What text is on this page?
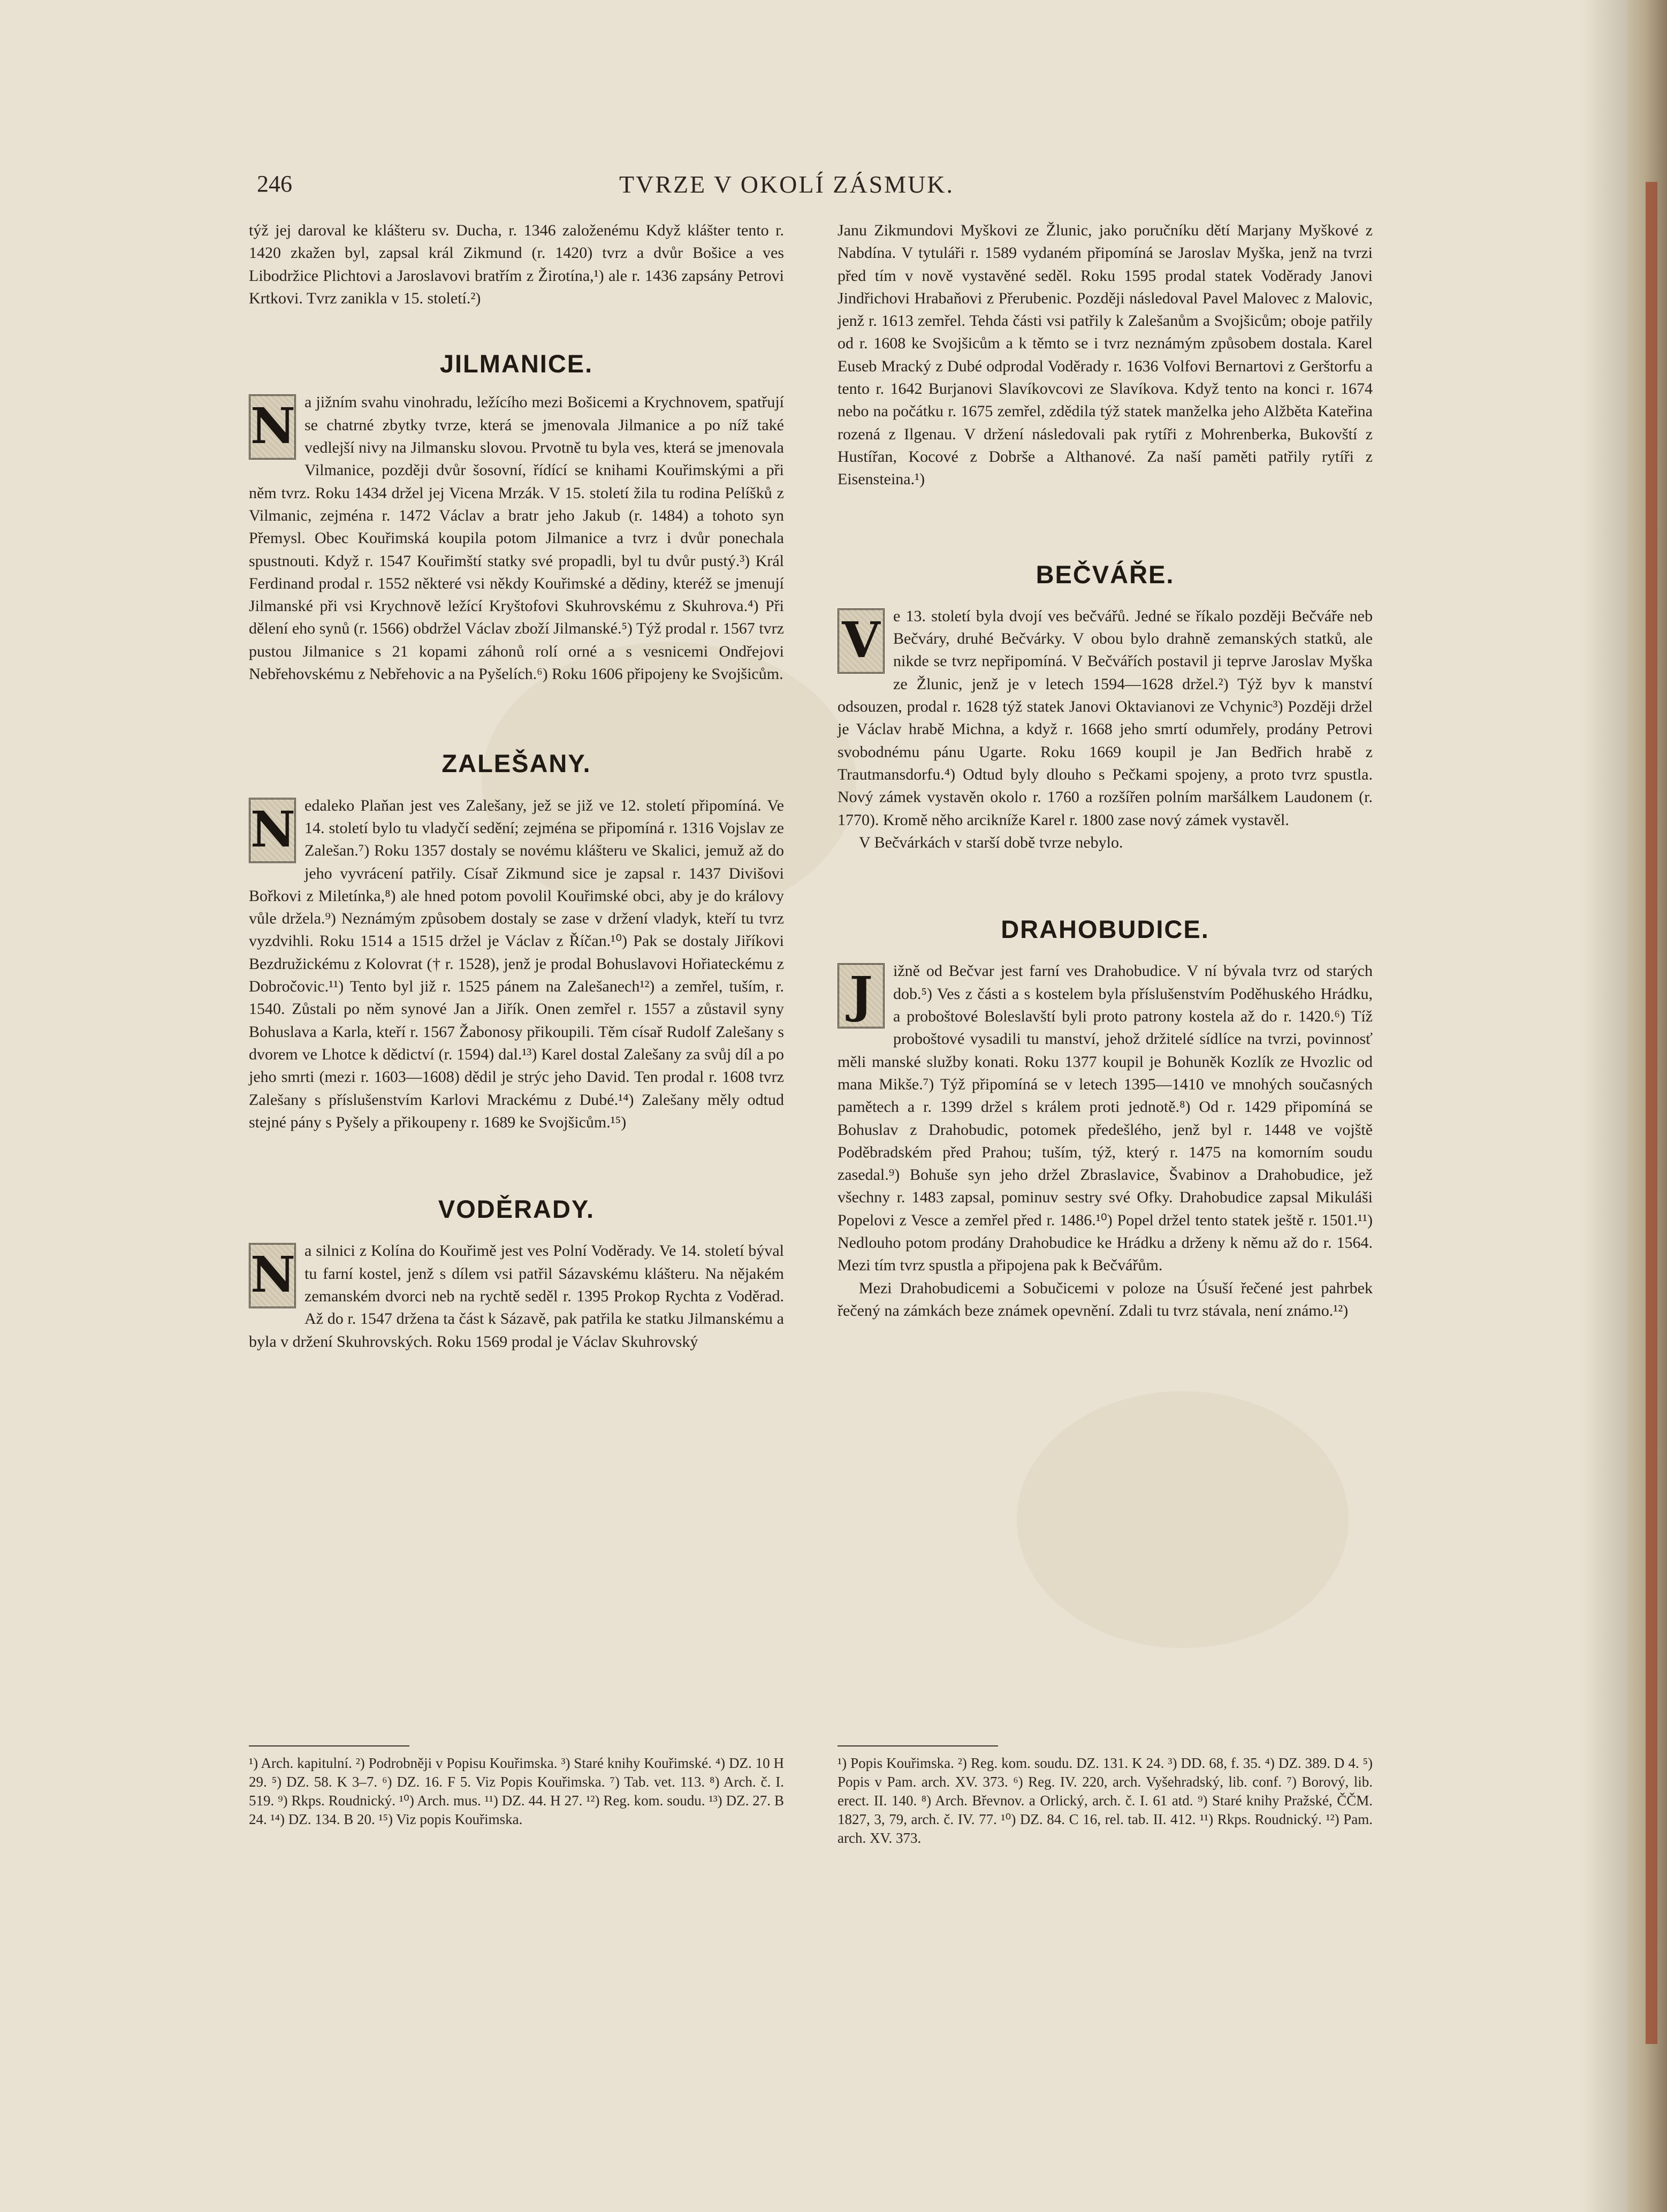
246	TVRZE V OKOLÍ ZÁSMUK.

týž jej daroval ke klášteru sv. Ducha, r. 1346 založenému Když klášter tento r. 1420 zkažen byl, zapsal král Zikmund (r. 1420) tvrz a dvůr Bošice a ves Libodržice Plichtovi a Jaroslavovi bratřím z Žirotína,¹) ale r. 1436 zapsány Petrovi Krtkovi. Tvrz zanikla v 15. století.²)

JILMANICE.
N a jižním svahu vinohradu, ležícího mezi Bošicemi a Krychnovem, spatřují se chatrné zbytky tvrze, která se jmenovala Jilmanice a po níž také vedlejší nivy na Jilmansku slovou. Prvotně tu byla ves, která se jmenovala Vilmanice, později dvůr šosovní, řídící se knihami Kouřimskými a při něm tvrz. Roku 1434 držel jej Vicena Mrzák. V 15. století žila tu rodina Pelíšků z Vilmanic, zejména r. 1472 Václav a bratr jeho Jakub (r. 1484) a tohoto syn Přemysl. Obec Kouřimská koupila potom Jilmanice a tvrz i dvůr ponechala spustnouti. Když r. 1547 Kouřimští statky své propadli, byl tu dvůr pustý.³) Král Ferdinand prodal r. 1552 některé vsi někdy Kouřimské a dědiny, kteréž se jmenují Jilmanské při vsi Krychnově ležící Kryštofovi Skuhrovskému z Skuhrova.⁴) Při dělení eho synů (r. 1566) obdržel Václav zboží Jilmanské.⁵) Týž prodal r. 1567 tvrz pustou Jilmanice s 21 kopami záhonů rolí orné a s vesnicemi Ondřejovi Nebřehovskému z Nebřehovic a na Pyšelích.⁶) Roku 1606 připojeny ke Svojšicům.

ZALEŠANY.
N edaleko Plaňan jest ves Zalešany, jež se již ve 12. století připomíná. Ve 14. století bylo tu vladyčí sedění; zejména se připomíná r. 1316 Vojslav ze Zalešan.⁷) Roku 1357 dostaly se novému klášteru ve Skalici, jemuž až do jeho vyvrácení patřily. Císař Zikmund sice je zapsal r. 1437 Divišovi Bořkovi z Miletínka,⁸) ale hned potom povolil Kouřimské obci, aby je do královy vůle držela.⁹) Neznámým způsobem dostaly se zase v držení vladyk, kteří tu tvrz vyzdvihli. Roku 1514 a 1515 držel je Václav z Říčan.¹⁰) Pak se dostaly Jiříkovi Bezdružickému z Kolovrat († r. 1528), jenž je prodal Bohuslavovi Hořiateckému z Dobročovic.¹¹) Tento byl již r. 1525 pánem na Zalešanech¹²) a zemřel, tuším, r. 1540. Zůstali po něm synové Jan a Jiřík. Onen zemřel r. 1557 a zůstavil syny Bohuslava a Karla, kteří r. 1567 Žabonosy přikoupili. Těm císař Rudolf Zalešany s dvorem ve Lhotce k dědictví (r. 1594) dal.¹³) Karel dostal Zalešany za svůj díl a po jeho smrti (mezi r. 1603—1608) dědil je strýc jeho David. Ten prodal r. 1608 tvrz Zalešany s příslušenstvím Karlovi Mrackému z Dubé.¹⁴) Zalešany měly odtud stejné pány s Pyšely a přikoupeny r. 1689 ke Svojšicům.¹⁵)

VODĚRADY.
N a silnici z Kolína do Kouřimě jest ves Polní Voděrady. Ve 14. století býval tu farní kostel, jenž s dílem vsi patřil Sázavskému klášteru. Na nějakém zemanském dvorci neb na rychtě seděl r. 1395 Prokop Rychta z Voděrad. Až do r. 1547 držena ta část k Sázavě, pak patřila ke statku Jilmanskému a byla v držení Skuhrovských. Roku 1569 prodal je Václav Skuhrovský

Janu Zikmundovi Myškovi ze Žlunic, jako poručníku dětí Marjany Myškové z Nabdína. V tytuláři r. 1589 vydaném připomíná se Jaroslav Myška, jenž na tvrzi před tím v nově vystavěné seděl. Roku 1595 prodal statek Voděrady Janovi Jindřichovi Hrabaňovi z Přerubenic. Později následoval Pavel Malovec z Malovic, jenž r. 1613 zemřel. Tehda části vsi patřily k Zalešanům a Svojšicům; oboje patřily od r. 1608 ke Svojšicům a k těmto se i tvrz neznámým způsobem dostala. Karel Euseb Mracký z Dubé odprodal Voděrady r. 1636 Volfovi Bernartovi z Gerštorfu a tento r. 1642 Burjanovi Slavíkovcovi ze Slavíkova. Když tento na konci r. 1674 nebo na počátku r. 1675 zemřel, zdědila týž statek manželka jeho Alžběta Kateřina rozená z Ilgenau. V držení následovali pak rytíři z Mohrenberka, Bukovští z Hustířan, Kocové z Dobrše a Althanové. Za naší paměti patřily rytíři z Eisensteina.¹)

BEČVÁŘE.
V e 13. století byla dvojí ves bečvářů. Jedné se říkalo později Bečváře neb Bečváry, druhé Bečvárky. V obou bylo drahně zemanských statků, ale nikde se tvrz nepřipomíná. V Bečvářích postavil ji teprve Jaroslav Myška ze Žlunic, jenž je v letech 1594—1628 držel.²) Týž byv k manství odsouzen, prodal r. 1628 týž statek Janovi Oktavianovi ze Vchynic³) Později držel je Václav hrabě Michna, a když r. 1668 jeho smrtí odumřely, prodány Petrovi svobodnému pánu Ugarte. Roku 1669 koupil je Jan Bedřich hrabě z Trautmansdorfu.⁴) Odtud byly dlouho s Pečkami spojeny, a proto tvrz spustla. Nový zámek vystavěn okolo r. 1760 a rozšířen polním maršálkem Laudonem (r. 1770). Kromě něho arcikníže Karel r. 1800 zase nový zámek vystavěl.

V Bečvárkách v starší době tvrze nebylo.

DRAHOBUDICE.
J	ižně od Bečvar jest farní ves Drahobudice. V ní bývala tvrz od starých dob.⁵) Ves z části a s kostelem byla příslušenstvím Poděhuského Hrádku, a proboštové Boleslavští byli proto patrony kostela až do r. 1420.⁶) Tíž proboštové vysadili tu manství, jehož držitelé sídlíce na tvrzi, povinnosť měli manské služby konati. Roku 1377 koupil je Bohuněk Kozlík ze Hvozlic od mana Mikše.⁷) Týž připomíná se v letech 1395—1410 ve mnohých současných pamětech a r. 1399 držel s králem proti jednotě.⁸) Od r. 1429 připomíná se Bohuslav z Drahobudic, potomek předešlého, jenž byl r. 1448 ve vojště Poděbradském před Prahou; tuším, týž, který r. 1475 na komorním soudu zasedal.⁹) Bohuše syn jeho držel Zbraslavice, Švabinov a Drahobudice, jež všechny r. 1483 zapsal, pominuv sestry své Ofky. Drahobudice zapsal Mikuláši Popelovi z Vesce a zemřel před r. 1486.¹⁰) Popel držel tento statek ještě r. 1501.¹¹) Nedlouho potom prodány Drahobudice ke Hrádku a drženy k němu až do r. 1564. Mezi tím tvrz spustla a připojena pak k Bečvářům.

Mezi Drahobudicemi a Sobučicemi v poloze na Úsuší řečené jest pahrbek řečený na zámkách beze známek opevnění. Zdali tu tvrz stávala, není známo.¹²)

¹) Arch. kapitulní. ²) Podrobněji v Popisu Kouřimska. ³) Staré knihy Kouřimské. ⁴) DZ. 10 H 29. ⁵) DZ. 58. K 3–7. ⁶) DZ. 16. F 5. Viz Popis Kouřimska. ⁷) Tab. vet. 113. ⁸) Arch. č. I. 519. ⁹) Rkps. Roudnický. ¹⁰) Arch. mus. ¹¹) DZ. 44. H 27. ¹²) Reg. kom. soudu. ¹³) DZ. 27. B 24. ¹⁴) DZ. 134. B 20. ¹⁵) Viz popis Kouřimska.

¹) Popis Kouřimska. ²) Reg. kom. soudu. DZ. 131. K 24. ³) DD. 68, f. 35. ⁴) DZ. 389. D 4. ⁵) Popis v Pam. arch. XV. 373. ⁶) Reg. IV. 220, arch. Vyšehradský, lib. conf. ⁷) Borový, lib. erect. II. 140. ⁸) Arch. Břevnov. a Orlický, arch. č. I. 61 atd. ⁹) Staré knihy Pražské, ČČM. 1827, 3, 79, arch. č. IV. 77. ¹⁰) DZ. 84. C 16, rel. tab. II. 412. ¹¹) Rkps. Roudnický. ¹²) Pam. arch. XV. 373.
